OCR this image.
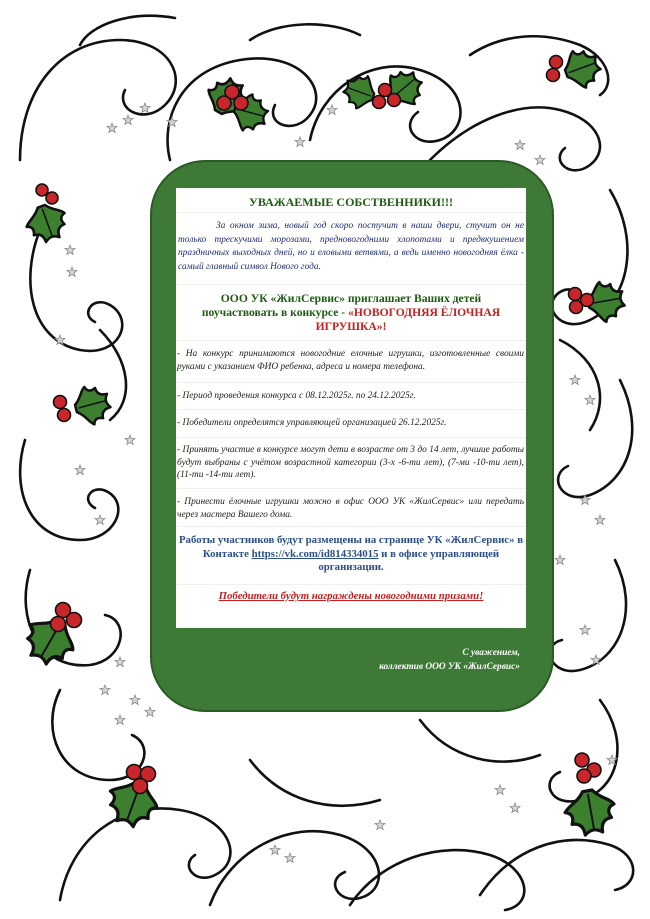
УВАЖАЕМЫЕ СОБСТВЕННИКИ!!!
За окном зима, новый год скоро постучит в наши двери, стучит он не только трескучими морозами, предновогодними хлопотами и предвкушением праздничных выходных дней, но и еловыми ветвями, а ведь именно новогодняя ёлка - самый главный символ Нового года.
ООО УК «ЖилСервис» приглашает Ваших детей
поучаствовать в конкурсе - «НОВОГОДНЯЯ ЁЛОЧНАЯ ИГРУШКА»!
- На конкурс принимаются новогодние елочные игрушки, изготовленные своими руками с указанием ФИО ребенка, адреса и номера телефона.
- Период проведения конкурса с 08.12.2025г. по 24.12.2025г.
- Победители определятся управляющей организацией 26.12.2025г.
- Принять участие в конкурсе могут дети в возрасте от 3 до 14 лет, лучшие работы будут выбраны с учётом возрастной категории (3-х -6-ти лет), (7-ми -10-ти лет), (11-ти -14-ти лет).
- Принести ёлочные игрушки можно в офис ООО УК «ЖилСервис» или передать через мастера Вашего дома.
Работы участников будут размещены на странице УК «ЖилСервис» в Контакте https://vk.com/id814334015 и в офисе управляющей организации.
Победители будут награждены новогодними призами!
С уважением,
коллектив ООО УК «ЖилСервис»
